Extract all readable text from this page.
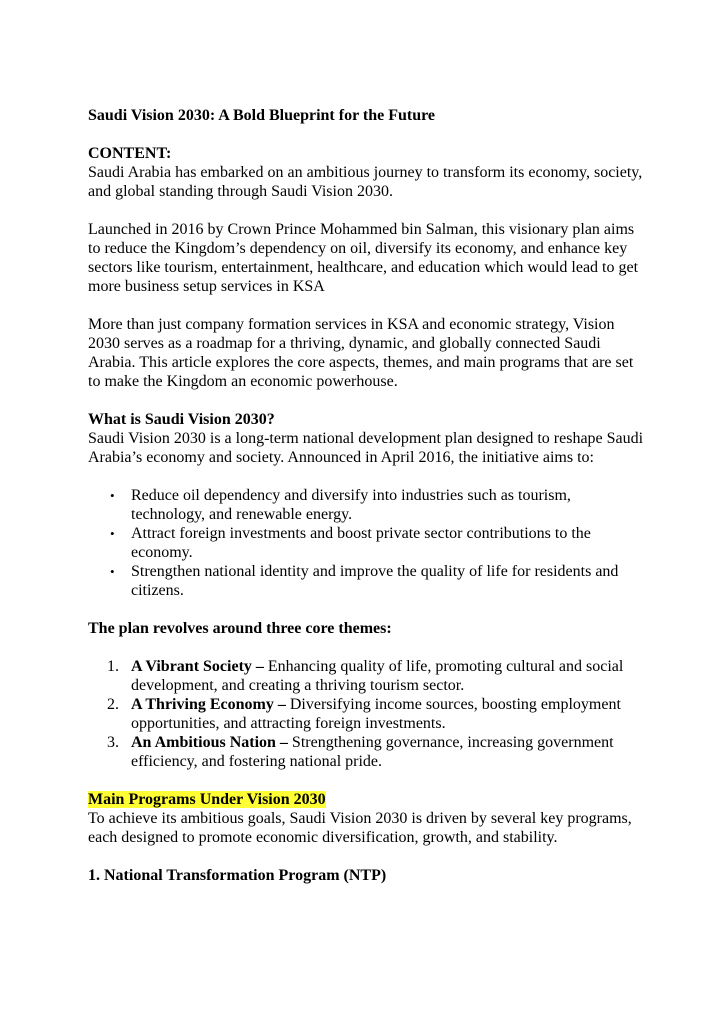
Saudi Vision 2030: A Bold Blueprint for the Future

CONTENT:

Saudi Arabia has embarked on an ambitious journey to transform its economy, society, and global standing through Saudi Vision 2030.

Launched in 2016 by Crown Prince Mohammed bin Salman, this visionary plan aims to reduce the Kingdom’s dependency on oil, diversify its economy, and enhance key sectors like tourism, entertainment, healthcare, and education which would lead to get more business setup services in KSA

More than just company formation services in KSA and economic strategy, Vision 2030 serves as a roadmap for a thriving, dynamic, and globally connected Saudi Arabia. This article explores the core aspects, themes, and main programs that are set to make the Kingdom an economic powerhouse.

What is Saudi Vision 2030?

Saudi Vision 2030 is a long-term national development plan designed to reshape Saudi Arabia’s economy and society. Announced in April 2016, the initiative aims to:

• Reduce oil dependency and diversify into industries such as tourism, technology, and renewable energy.
• Attract foreign investments and boost private sector contributions to the economy.
• Strengthen national identity and improve the quality of life for residents and citizens.

The plan revolves around three core themes:

1. A Vibrant Society – Enhancing quality of life, promoting cultural and social development, and creating a thriving tourism sector.
2. A Thriving Economy – Diversifying income sources, boosting employment opportunities, and attracting foreign investments.
3. An Ambitious Nation – Strengthening governance, increasing government efficiency, and fostering national pride.

Main Programs Under Vision 2030

To achieve its ambitious goals, Saudi Vision 2030 is driven by several key programs, each designed to promote economic diversification, growth, and stability.

1. National Transformation Program (NTP)
